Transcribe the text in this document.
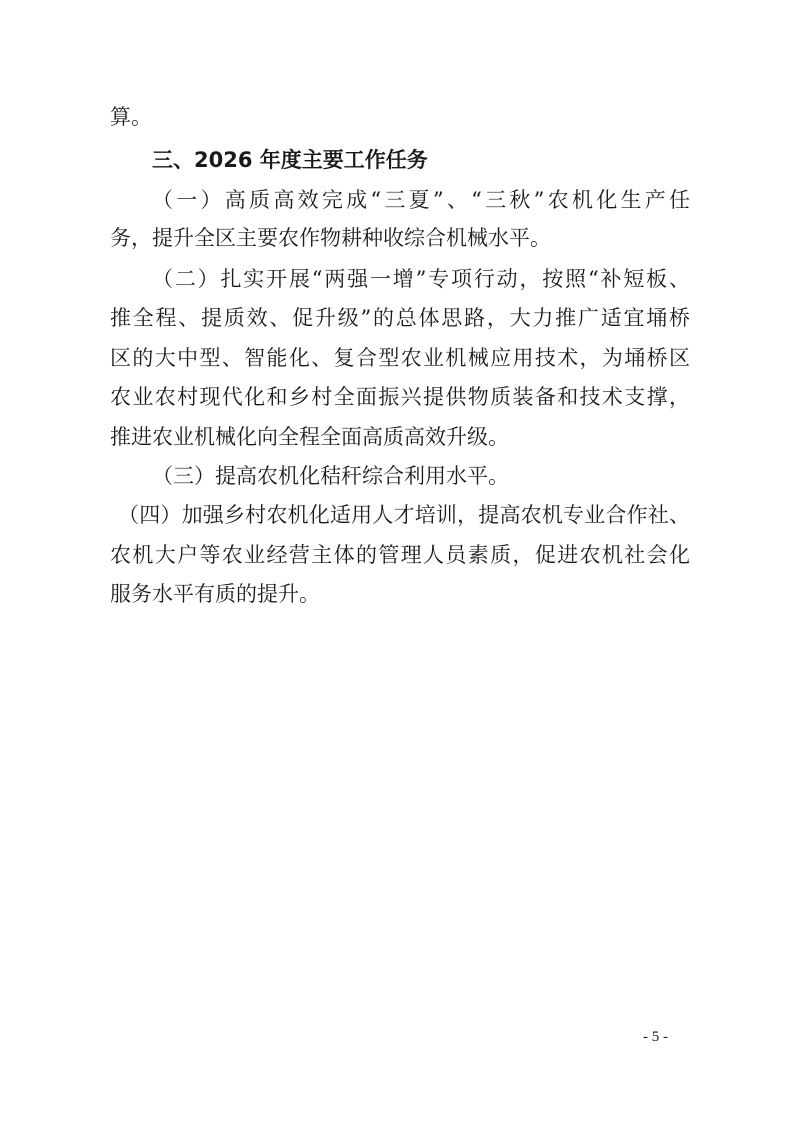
算。

三、2026 年度主要工作任务

（一）高质高效完成“三夏”、“三秋”农机化生产任

务，提升全区主要农作物耕种收综合机械水平。

（二）扎实开展“两强一增”专项行动，按照“补短板、

推全程、提质效、促升级”的总体思路，大力推广适宜埇桥

区的大中型、智能化、复合型农业机械应用技术，为埇桥区

农业农村现代化和乡村全面振兴提供物质装备和技术支撑，

推进农业机械化向全程全面高质高效升级。

（三）提高农机化秸秆综合利用水平。

（四）加强乡村农机化适用人才培训，提高农机专业合作社、

农机大户等农业经营主体的管理人员素质，促进农机社会化

服务水平有质的提升。

- 5 -
